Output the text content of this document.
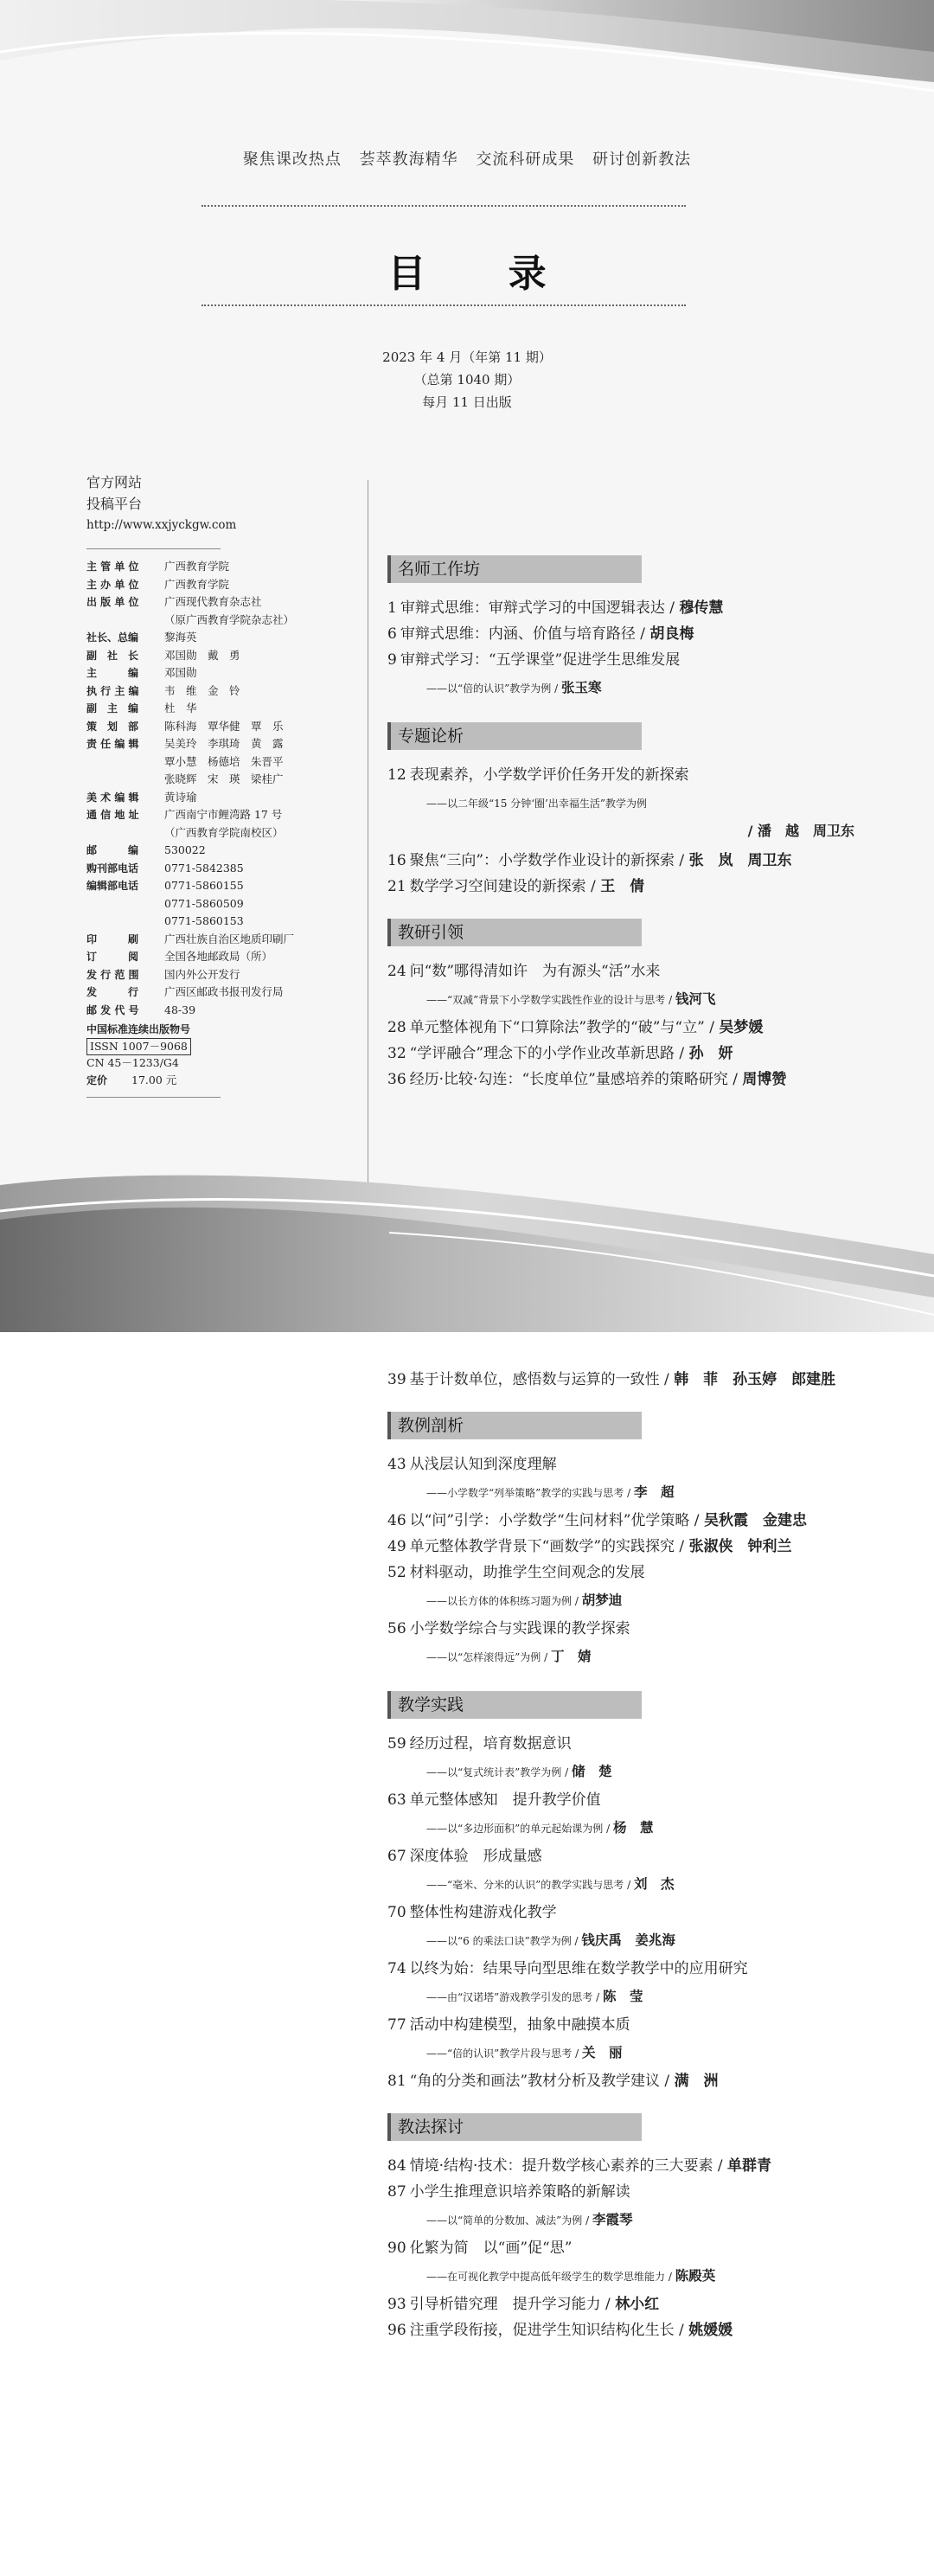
聚焦课改热点 荟萃教海精华 交流科研成果 研讨创新教法
目 录
2023 年 4 月（年第 11 期）
（总第 1040 期）
每月 11 日出版
官方网站
投稿平台
http://www.xxjyckgw.com
主 管 单 位	广西教育学院
主 办 单 位	广西教育学院
出 版 单 位	广西现代教育杂志社
（原广西教育学院杂志社）
社长、总编	黎海英
副　社　长	邓国勋　戴　勇
主　　　编	邓国勋
执 行 主 编	韦　维　金　铃
副　主　编	杜　华
策　划　部	陈科海　覃华健　覃　乐
责 任 编 辑	吴美玲　李琪琦　黄　露
覃小慧　杨德培　朱晋平
张晓辉　宋　瑛　梁桂广
美 术 编 辑	黄诗瑜
通 信 地 址	广西南宁市鲤湾路 17 号
（广西教育学院南校区）
邮　　　编	530022
购刊部电话	0771-5842385
编辑部电话	0771-5860155
0771-5860509
0771-5860153
印　　　刷	广西壮族自治区地质印刷厂
订　　　阅	全国各地邮政局（所）
发 行 范 围	国内外公开发行
发　　　行	广西区邮政书报刊发行局
邮 发 代 号	48-39
中国标准连续出版物号
ISSN 1007－9068
CN 45－1233/G4
定价	17.00 元
名师工作坊
1 审辩式思维：审辩式学习的中国逻辑表达 / 穆传慧
6 审辩式思维：内涵、价值与培育路径 / 胡良梅
9 审辩式学习：“五学课堂”促进学生思维发展
——以“倍的认识”教学为例 / 张玉寒
专题论析
12 表现素养，小学数学评价任务开发的新探索
——以二年级“15 分钟‘圈’出幸福生活”教学为例
/ 潘　越　周卫东
16 聚焦“三向”：小学数学作业设计的新探索 / 张　岚　周卫东
21 数学学习空间建设的新探索 / 王　倩
教研引领
24 问“数”哪得清如许　为有源头“活”水来
——“双减”背景下小学数学实践性作业的设计与思考 / 钱河飞
28 单元整体视角下“口算除法”教学的“破”与“立” / 吴梦媛
32 “学评融合”理念下的小学作业改革新思路 / 孙　妍
36 经历·比较·勾连：“长度单位”量感培养的策略研究 / 周博赞
39 基于计数单位，感悟数与运算的一致性 / 韩　菲　孙玉婷　郎建胜
教例剖析
43 从浅层认知到深度理解
——小学数学“列举策略”教学的实践与思考 / 李　超
46 以“问”引学：小学数学“生问材料”优学策略 / 吴秋霞　金建忠
49 单元整体教学背景下“画数学”的实践探究 / 张淑侠　钟利兰
52 材料驱动，助推学生空间观念的发展
——以长方体的体积练习题为例 / 胡梦迪
56 小学数学综合与实践课的教学探索
——以“怎样滚得远”为例 / 丁　婧
教学实践
59 经历过程，培育数据意识
——以“复式统计表”教学为例 / 储　楚
63 单元整体感知　提升教学价值
——以“多边形面积”的单元起始课为例 / 杨　慧
67 深度体验　形成量感
——“毫米、分米的认识”的教学实践与思考 / 刘　杰
70 整体性构建游戏化教学
——以“6 的乘法口诀”教学为例 / 钱庆禹　姜兆海
74 以终为始：结果导向型思维在数学教学中的应用研究
——由“汉诺塔”游戏教学引发的思考 / 陈　莹
77 活动中构建模型，抽象中融摸本质
——“倍的认识”教学片段与思考 / 关　丽
81 “角的分类和画法”教材分析及教学建议 / 满　洲
教法探讨
84 情境·结构·技术：提升数学核心素养的三大要素 / 单群青
87 小学生推理意识培养策略的新解读
——以“简单的分数加、减法”为例 / 李霞琴
90 化繁为简　以“画”促“思”
——在可视化教学中提高低年级学生的数学思维能力 / 陈殿英
93 引导析错究理　提升学习能力 / 林小红
96 注重学段衔接，促进学生知识结构化生长 / 姚媛媛
